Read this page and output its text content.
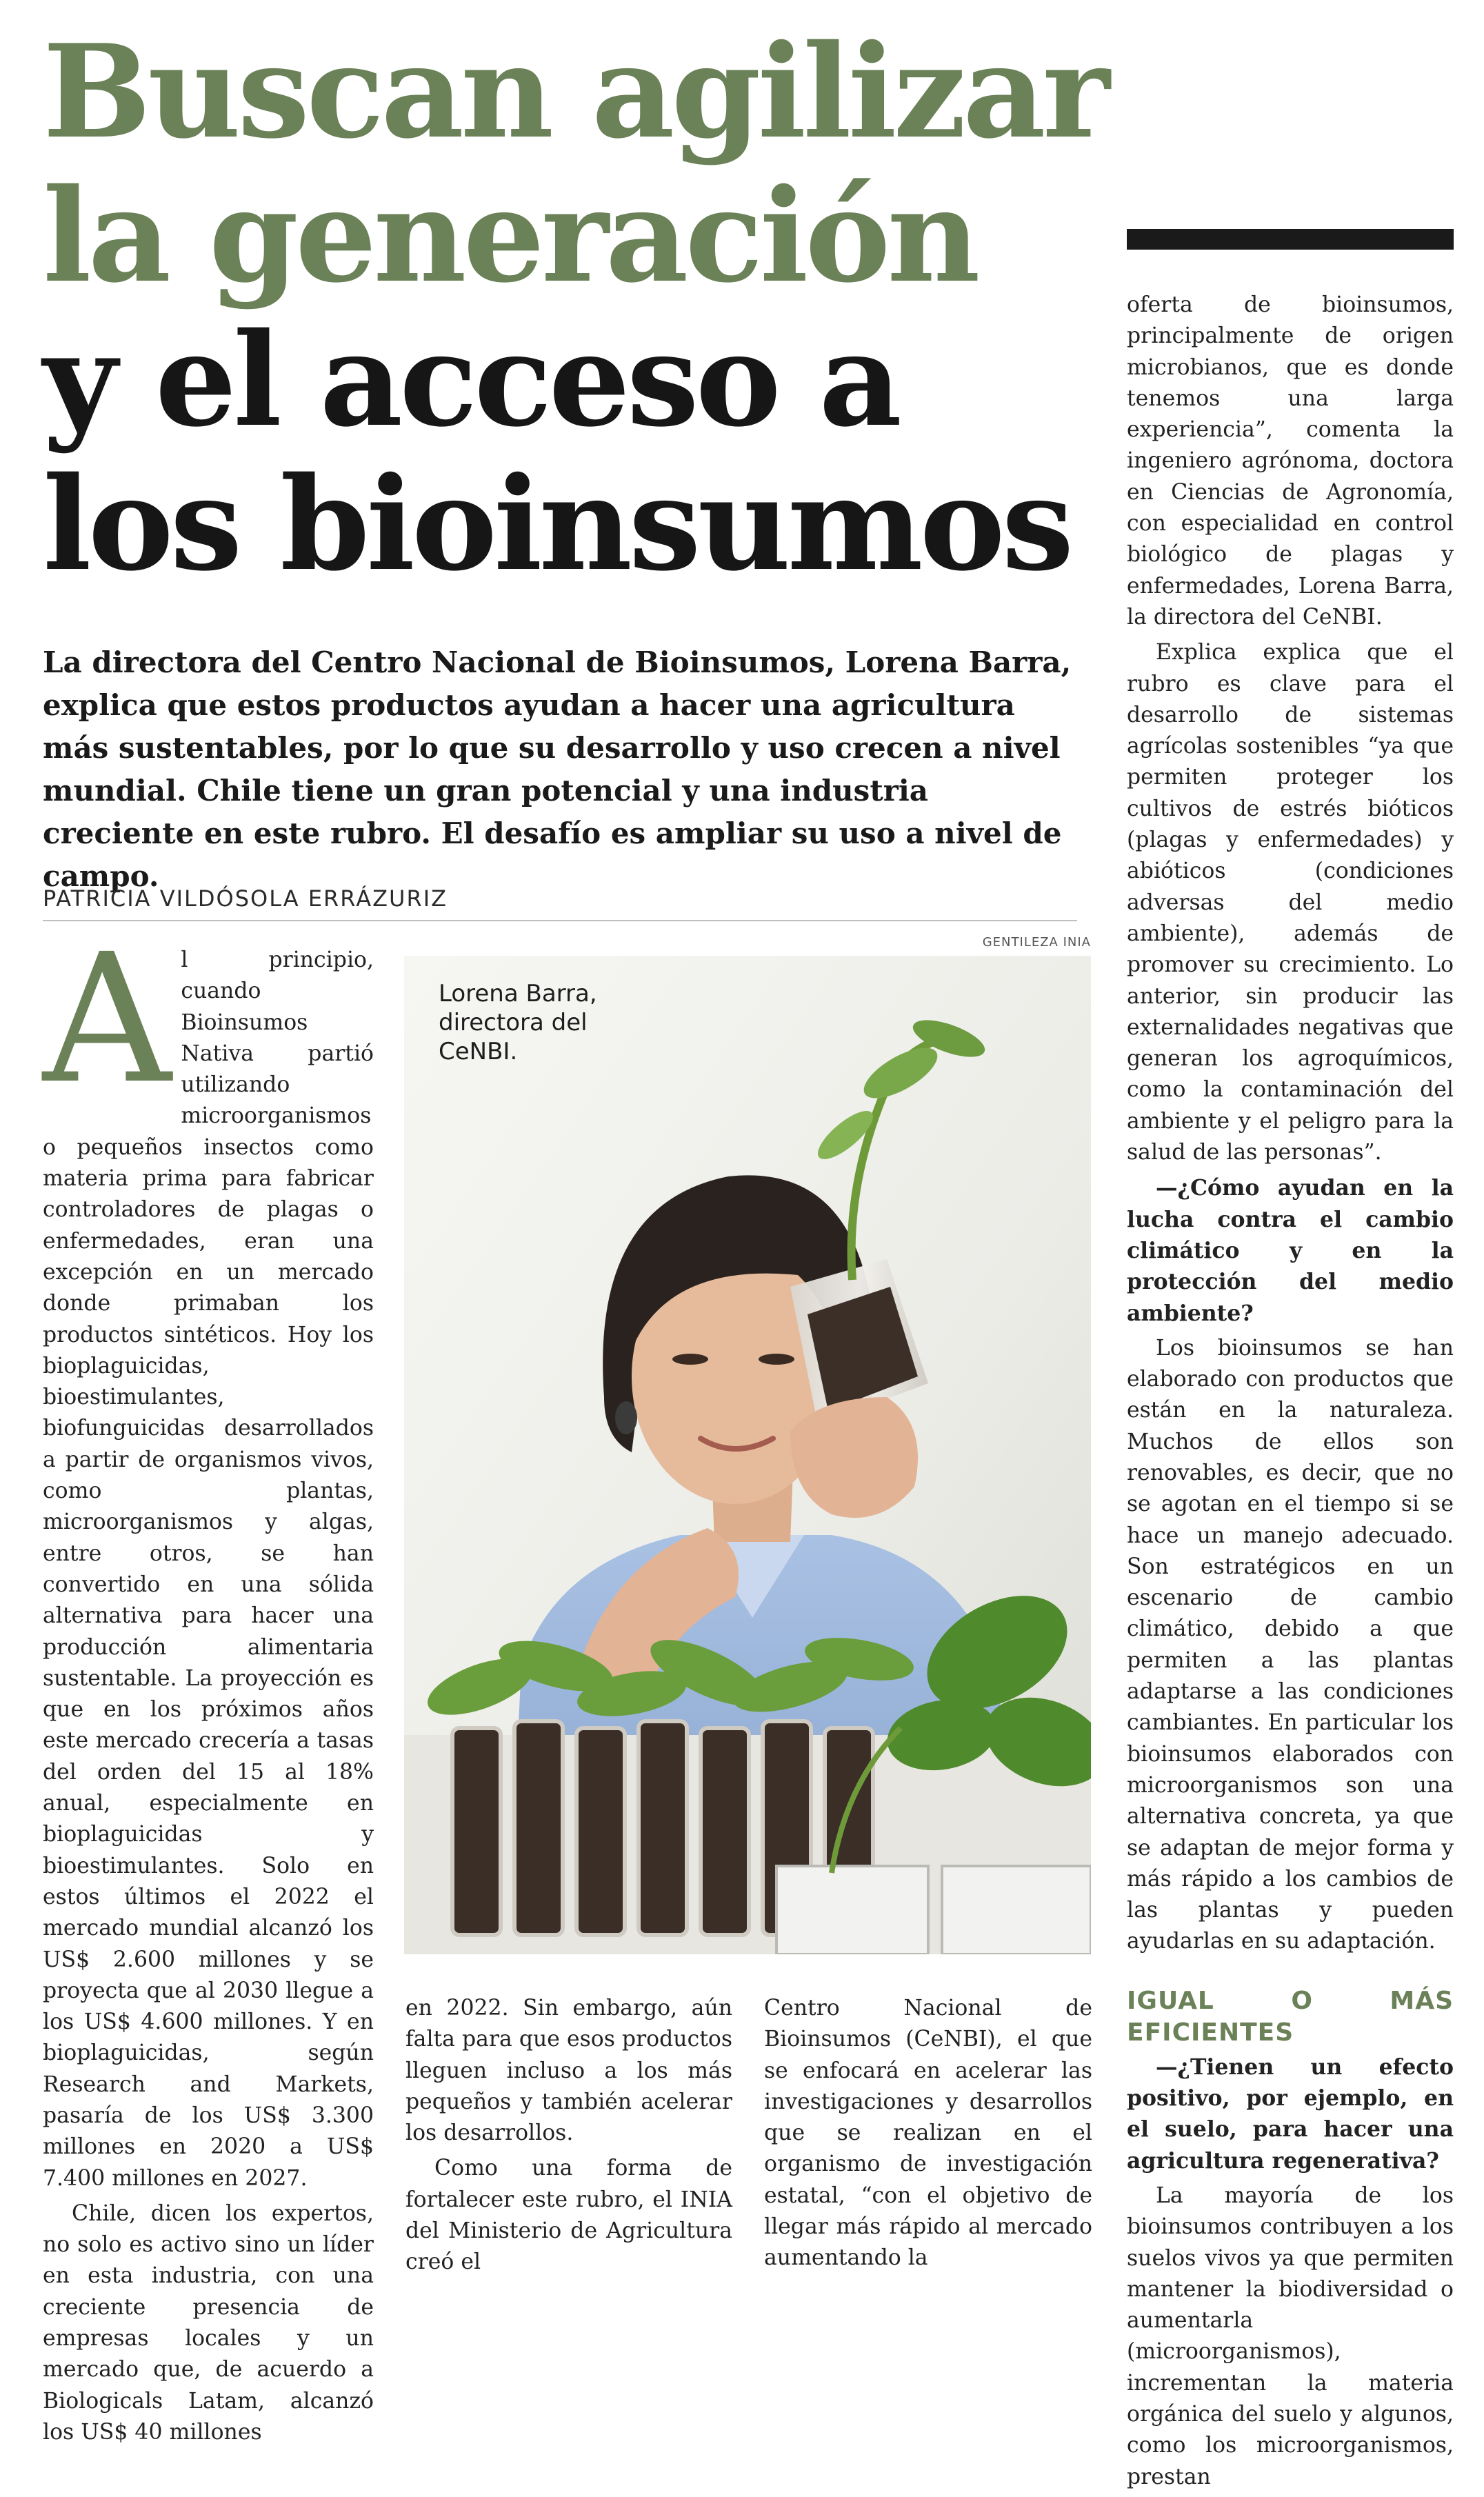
Buscan agilizar
la generación
y el acceso a
los bioinsumos
La directora del Centro Nacional de Bioinsumos, Lorena Barra, explica que estos productos ayudan a hacer una agricultura más sustentables, por lo que su desarrollo y uso crecen a nivel mundial. Chile tiene un gran potencial y una industria creciente en este rubro. El desafío es ampliar su uso a nivel de campo.
PATRICIA VILDÓSOLA ERRÁZURIZ

Al principio, cuando Bioinsumos Nativa partió utilizando microorganismos o pequeños insectos como materia prima para fabricar controladores de plagas o enfermedades, eran una excepción en un mercado donde primaban los productos sintéticos. Hoy los bioplaguicidas, bioestimulantes, biofunguicidas desarrollados a partir de organismos vivos, como plantas, microorganismos y algas, entre otros, se han convertido en una sólida alternativa para hacer una producción alimentaria sustentable. La proyección es que en los próximos años este mercado crecería a tasas del orden del 15 al 18% anual, especialmente en bioplaguicidas y bioestimulantes. Solo en estos últimos el 2022 el mercado mundial alcanzó los US$ 2.600 millones y se proyecta que al 2030 llegue a los US$ 4.600 millones. Y en bioplaguicidas, según Research and Markets, pasaría de los US$ 3.300 millones en 2020 a US$ 7.400 millones en 2027.

Chile, dicen los expertos, no solo es activo sino un líder en esta industria, con una creciente presencia de empresas locales y un mercado que, de acuerdo a Biologicals Latam, alcanzó los US$ 40 millones

GENTILEZA INIA
Lorena Barra, directora del CeNBI.

en 2022. Sin embargo, aún falta para que esos productos lleguen incluso a los más pequeños y también acelerar los desarrollos.

Como una forma de fortalecer este rubro, el INIA del Ministerio de Agricultura creó el

Centro Nacional de Bioinsumos (CeNBI), el que se enfocará en acelerar las investigaciones y desarrollos que se realizan en el organismo de investigación estatal, “con el objetivo de llegar más rápido al mercado aumentando la

oferta de bioinsumos, principalmente de origen microbianos, que es donde tenemos una larga experiencia”, comenta la ingeniero agrónoma, doctora en Ciencias de Agronomía, con especialidad en control biológico de plagas y enfermedades, Lorena Barra, la directora del CeNBI.

Explica explica que el rubro es clave para el desarrollo de sistemas agrícolas sostenibles “ya que permiten proteger los cultivos de estrés bióticos (plagas y enfermedades) y abióticos (condiciones adversas del medio ambiente), además de promover su crecimiento. Lo anterior, sin producir las externalidades negativas que generan los agroquímicos, como la contaminación del ambiente y el peligro para la salud de las personas”.

—¿Cómo ayudan en la lucha contra el cambio climático y en la protección del medio ambiente?

Los bioinsumos se han elaborado con productos que están en la naturaleza. Muchos de ellos son renovables, es decir, que no se agotan en el tiempo si se hace un manejo adecuado. Son estratégicos en un escenario de cambio climático, debido a que permiten a las plantas adaptarse a las condiciones cambiantes. En particular los bioinsumos elaborados con microorganismos son una alternativa concreta, ya que se adaptan de mejor forma y más rápido a los cambios de las plantas y pueden ayudarlas en su adaptación.

IGUAL O MÁS EFICIENTES

—¿Tienen un efecto positivo, por ejemplo, en el suelo, para hacer una agricultura regenerativa?

La mayoría de los bioinsumos contribuyen a los suelos vivos ya que permiten mantener la biodiversidad o aumentarla (microorganismos), incrementan la materia orgánica del suelo y algunos, como los microorganismos, prestan
